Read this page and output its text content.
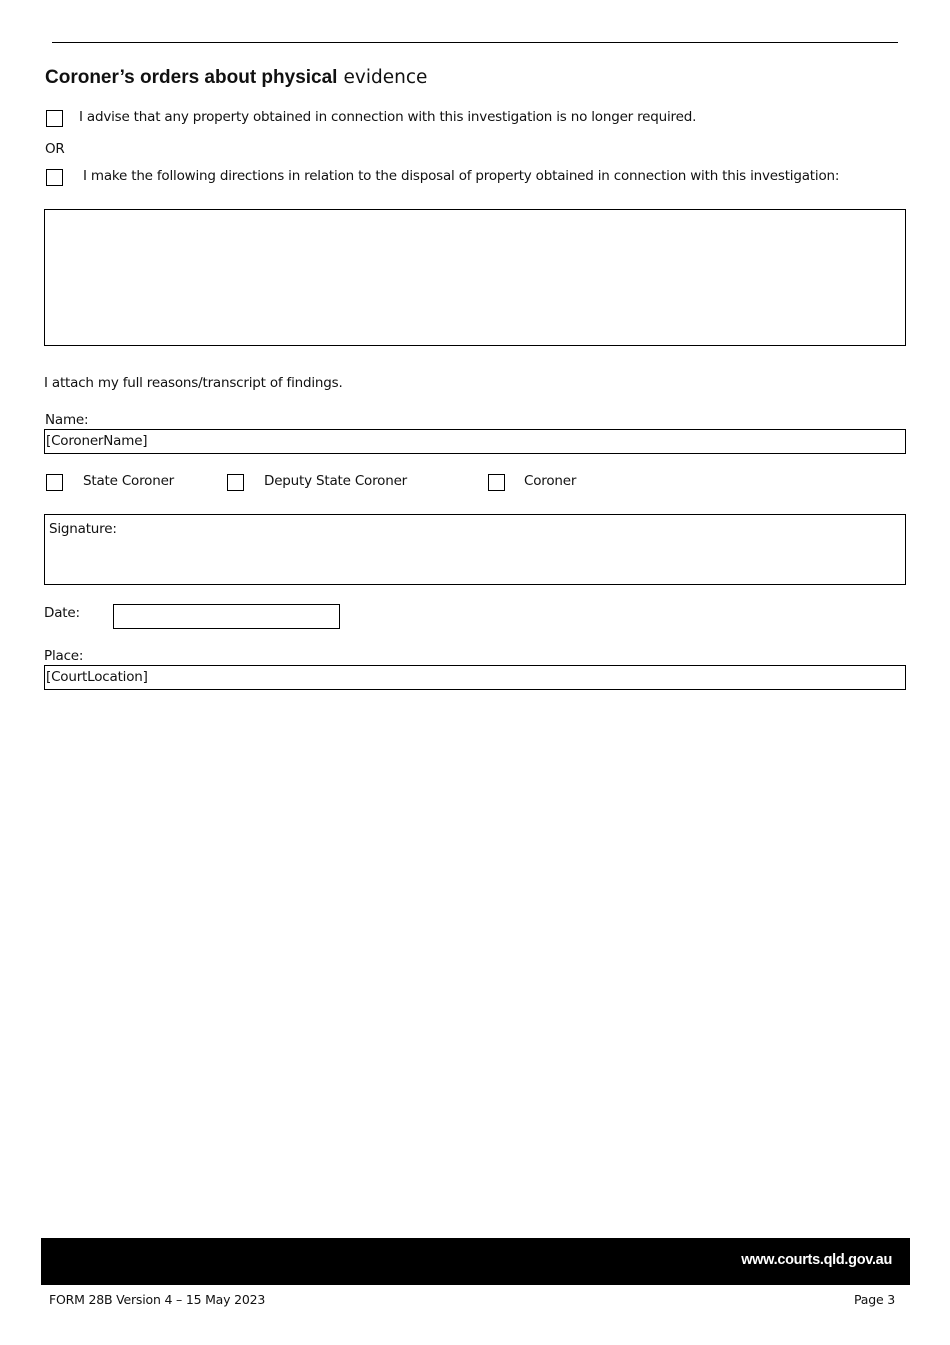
Coroner’s orders about physical evidence
I advise that any property obtained in connection with this investigation is no longer required.
OR
I make the following directions in relation to the disposal of property obtained in connection with this investigation:
I attach my full reasons/transcript of findings.
Name:
[CoronerName]
State Coroner	Deputy State Coroner	Coroner
Signature:
Date:
Place:
[CourtLocation]
www.courts.qld.gov.au
FORM 28B Version 4 – 15 May 2023	Page 3
